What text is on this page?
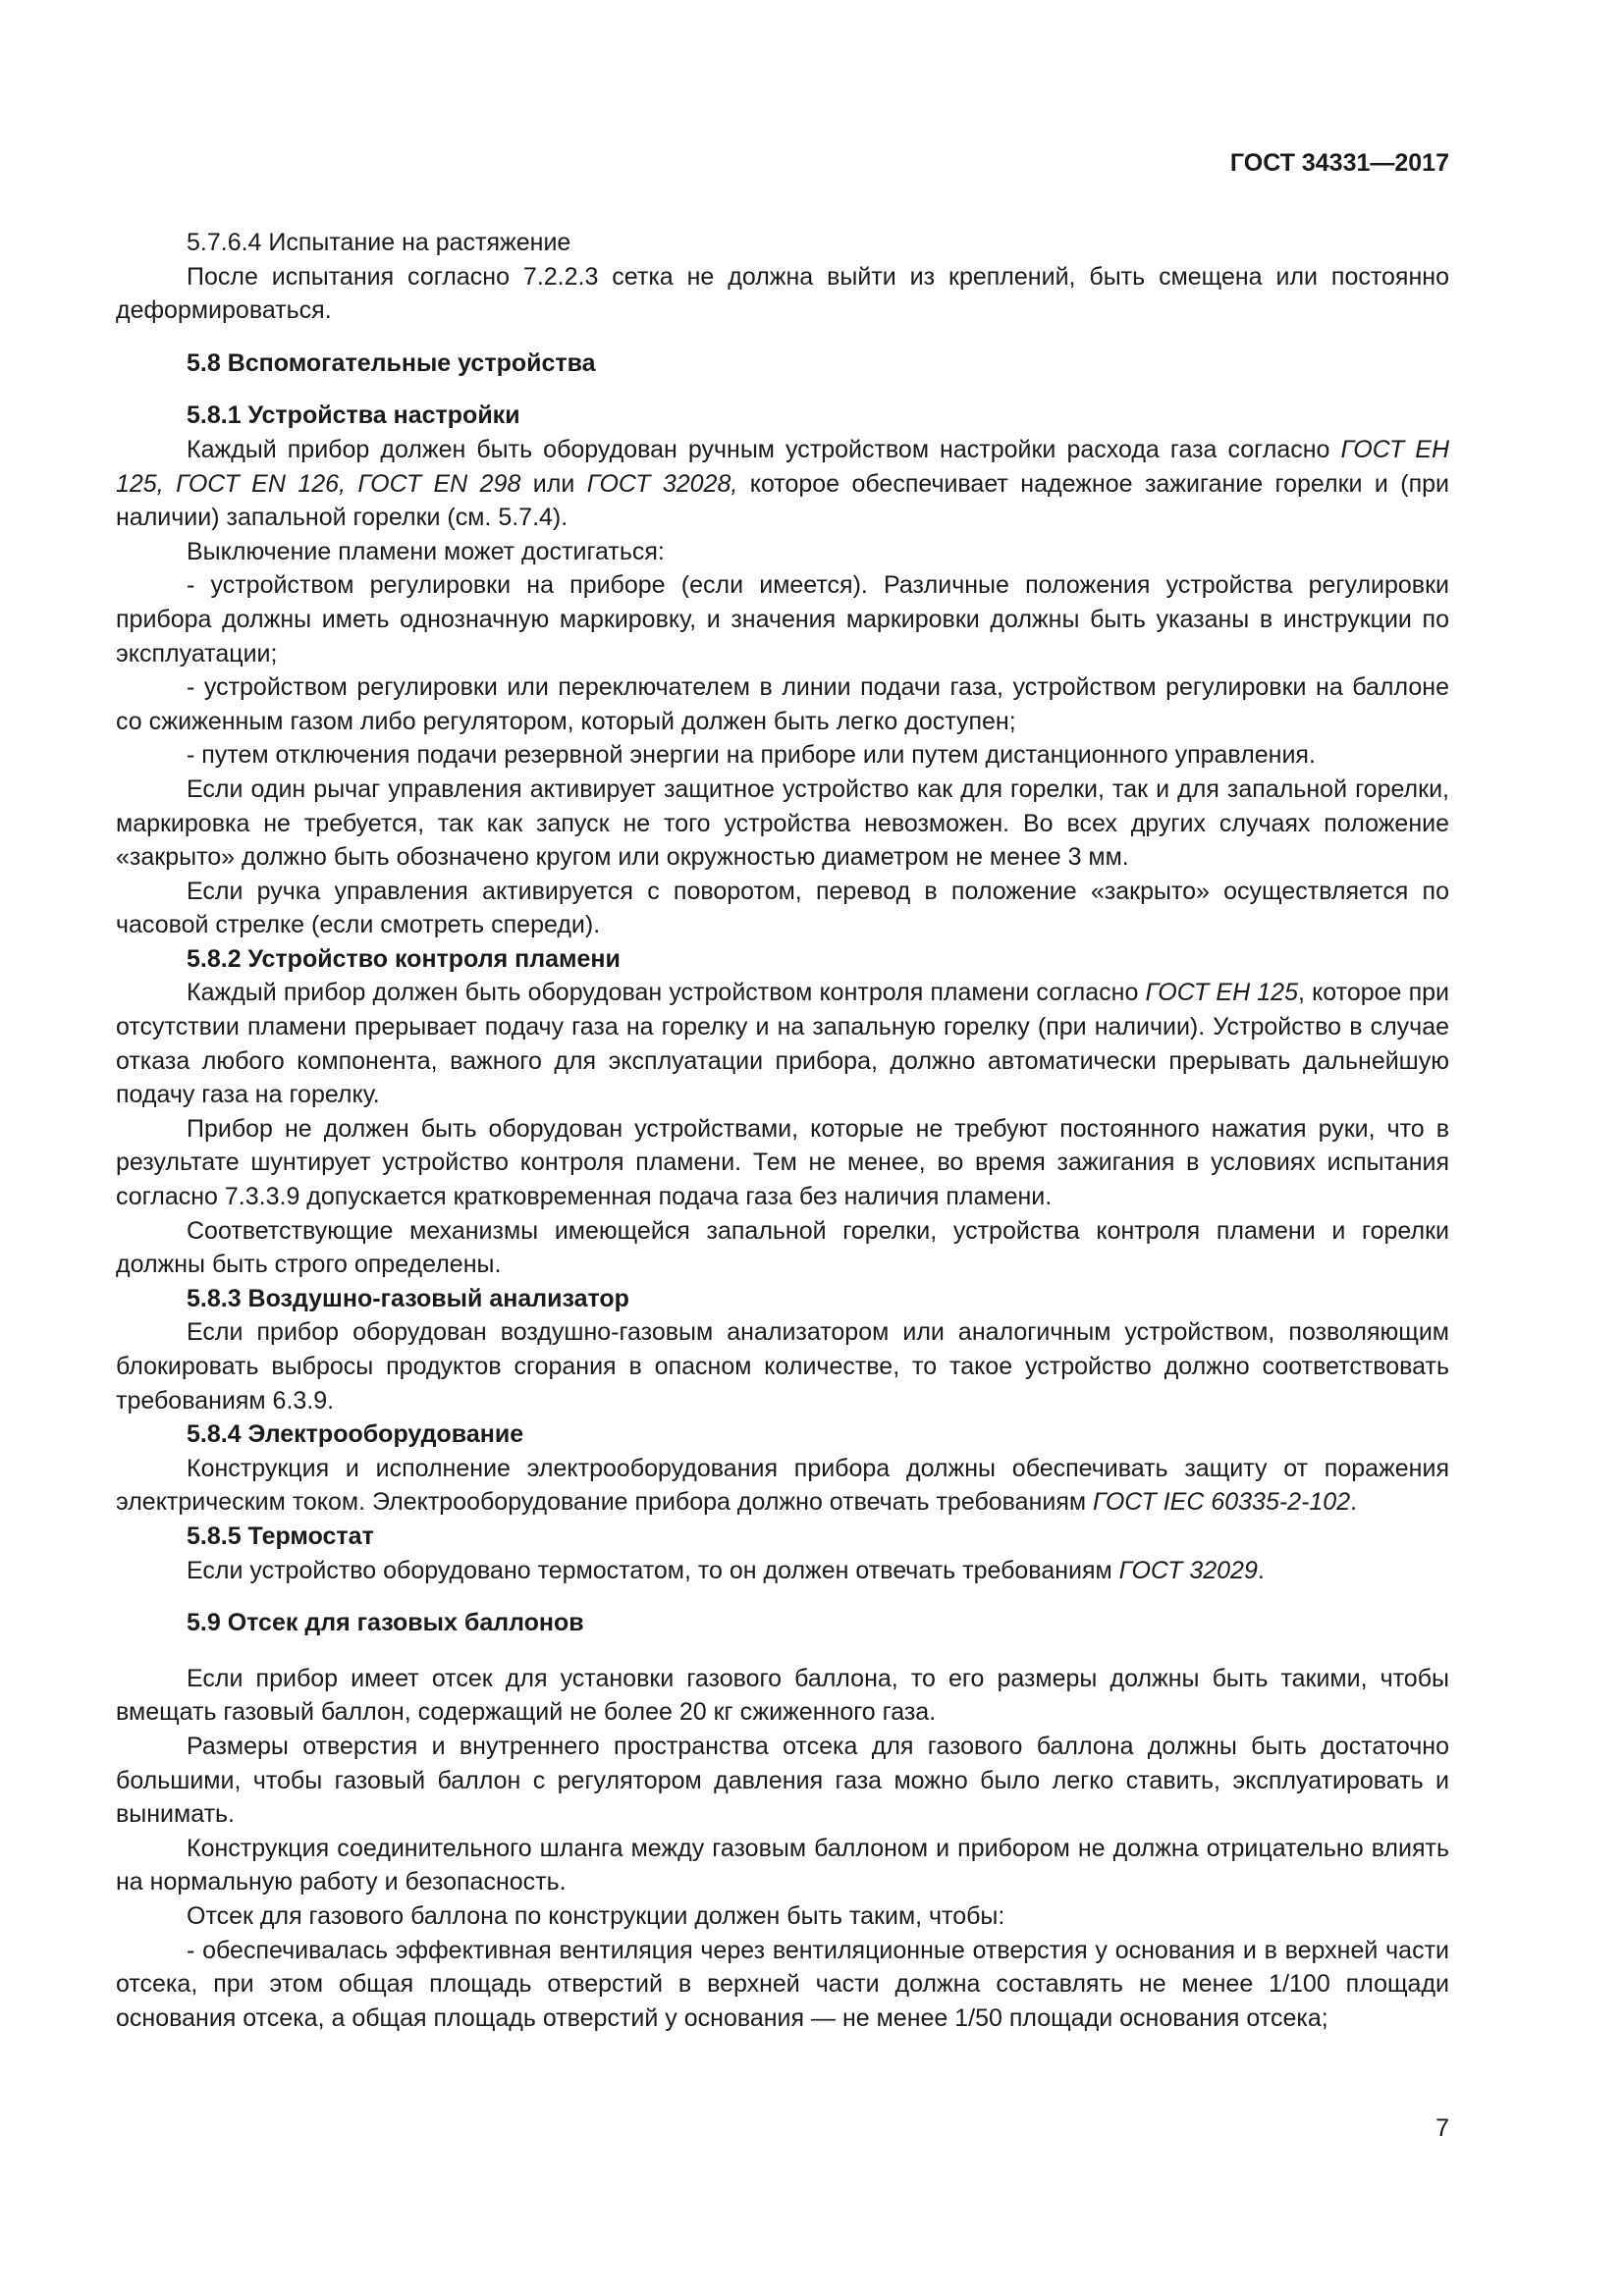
ГОСТ 34331—2017

5.7.6.4 Испытание на растяжение

После испытания согласно 7.2.2.3 сетка не должна выйти из креплений, быть смещена или постоянно деформироваться.

5.8 Вспомогательные устройства

5.8.1 Устройства настройки

Каждый прибор должен быть оборудован ручным устройством настройки расхода газа согласно ГОСТ ЕН 125, ГОСТ EN 126, ГОСТ EN 298 или ГОСТ 32028, которое обеспечивает надежное зажигание горелки и (при наличии) запальной горелки (см. 5.7.4).

Выключение пламени может достигаться:

- устройством регулировки на приборе (если имеется). Различные положения устройства регулировки прибора должны иметь однозначную маркировку, и значения маркировки должны быть указаны в инструкции по эксплуатации;

- устройством регулировки или переключателем в линии подачи газа, устройством регулировки на баллоне со сжиженным газом либо регулятором, который должен быть легко доступен;

- путем отключения подачи резервной энергии на приборе или путем дистанционного управления.

Если один рычаг управления активирует защитное устройство как для горелки, так и для запальной горелки, маркировка не требуется, так как запуск не того устройства невозможен. Во всех других случаях положение «закрыто» должно быть обозначено кругом или окружностью диаметром не менее 3 мм.

Если ручка управления активируется с поворотом, перевод в положение «закрыто» осуществляется по часовой стрелке (если смотреть спереди).

5.8.2 Устройство контроля пламени

Каждый прибор должен быть оборудован устройством контроля пламени согласно ГОСТ ЕН 125, которое при отсутствии пламени прерывает подачу газа на горелку и на запальную горелку (при наличии). Устройство в случае отказа любого компонента, важного для эксплуатации прибора, должно автоматически прерывать дальнейшую подачу газа на горелку.

Прибор не должен быть оборудован устройствами, которые не требуют постоянного нажатия руки, что в результате шунтирует устройство контроля пламени. Тем не менее, во время зажигания в условиях испытания согласно 7.3.3.9 допускается кратковременная подача газа без наличия пламени.

Соответствующие механизмы имеющейся запальной горелки, устройства контроля пламени и горелки должны быть строго определены.

5.8.3 Воздушно-газовый анализатор

Если прибор оборудован воздушно-газовым анализатором или аналогичным устройством, позволяющим блокировать выбросы продуктов сгорания в опасном количестве, то такое устройство должно соответствовать требованиям 6.3.9.

5.8.4 Электрооборудование

Конструкция и исполнение электрооборудования прибора должны обеспечивать защиту от поражения электрическим током. Электрооборудование прибора должно отвечать требованиям ГОСТ IEC 60335-2-102.

5.8.5 Термостат

Если устройство оборудовано термостатом, то он должен отвечать требованиям ГОСТ 32029.

5.9 Отсек для газовых баллонов

Если прибор имеет отсек для установки газового баллона, то его размеры должны быть такими, чтобы вмещать газовый баллон, содержащий не более 20 кг сжиженного газа.

Размеры отверстия и внутреннего пространства отсека для газового баллона должны быть достаточно большими, чтобы газовый баллон с регулятором давления газа можно было легко ставить, эксплуатировать и вынимать.

Конструкция соединительного шланга между газовым баллоном и прибором не должна отрицательно влиять на нормальную работу и безопасность.

Отсек для газового баллона по конструкции должен быть таким, чтобы:

- обеспечивалась эффективная вентиляция через вентиляционные отверстия у основания и в верхней части отсека, при этом общая площадь отверстий в верхней части должна составлять не менее 1/100 площади основания отсека, а общая площадь отверстий у основания — не менее 1/50 площади основания отсека;

7
